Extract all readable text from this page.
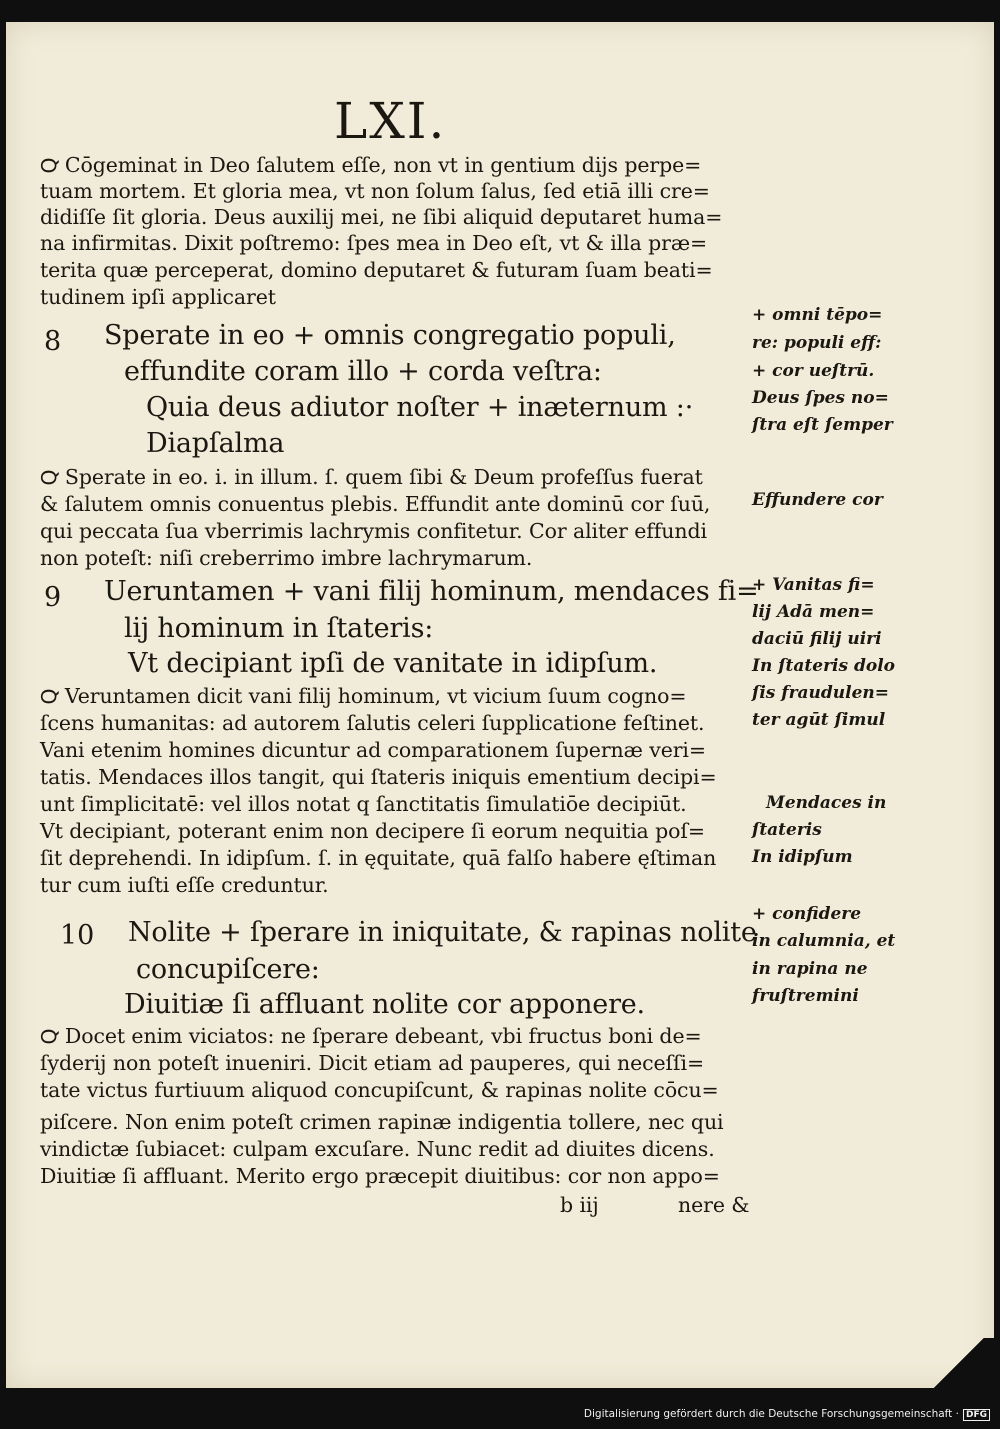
LXI.
℺ Cōgeminat in Deo ſalutem eſſe, non vt in gentium dijs perpe=
tuam mortem. Et gloria mea, vt non ſolum ſalus, ſed etiā illi cre=
didiſſe ſit gloria. Deus auxilij mei, ne ſibi aliquid deputaret huma=
na infirmitas. Dixit poſtremo: ſpes mea in Deo eſt, vt & illa præ=
terita quæ perceperat, domino deputaret & futuram ſuam beati=
tudinem ipſi applicaret
8 Sperate in eo + omnis congregatio populi,
effundite coram illo + corda veſtra:
Quia deus adiutor noſter + inæternum :·
Diapſalma
℺ Sperate in eo. i. in illum. ſ. quem ſibi & Deum profeſſus fuerat
& ſalutem omnis conuentus plebis. Effundit ante dominū cor ſuū,
qui peccata ſua vberrimis lachrymis confitetur. Cor aliter effundi
non poteſt: niſi creberrimo imbre lachrymarum.
9 Ueruntamen + vani filij hominum, mendaces fi=
lij hominum in ſtateris:
Vt decipiant ipſi de vanitate in idipſum.
℺ Veruntamen dicit vani filij hominum, vt vicium ſuum cogno=
ſcens humanitas: ad autorem ſalutis celeri ſupplicatione feſtinet.
Vani etenim homines dicuntur ad comparationem ſupernæ veri=
tatis. Mendaces illos tangit, qui ſtateris iniquis ementium decipi=
unt ſimplicitatē: vel illos notat q ſanctitatis ſimulatiōe decipiūt.
Vt decipiant, poterant enim non decipere ſi eorum nequitia poſ=
ſit deprehendi. In idipſum. ſ. in ęquitate, quā falſo habere ęſtiman
tur cum iuſti eſſe creduntur.
10 Nolite + ſperare in iniquitate, & rapinas nolite
concupiſcere:
Diuitiæ ſi affluant nolite cor apponere.
℺ Docet enim viciatos: ne ſperare debeant, vbi fructus boni de=
ſyderij non poteſt inueniri. Dicit etiam ad pauperes, qui neceſſi=
tate victus furtiuum aliquod concupiſcunt, & rapinas nolite cōcu=
piſcere. Non enim poteſt crimen rapinæ indigentia tollere, nec qui
vindictæ ſubiacet: culpam excuſare. Nunc redit ad diuites dicens.
Diuitiæ ſi affluant. Merito ergo præcepit diuitibus: cor non appo=
b iij	nere &
+ omni tēpo=
re: populi eff:
+ cor ueſtrū.
Deus ſpes no=
ſtra eſt ſemper
Effundere cor
+ Vanitas fi=
lij Adā men=
daciū filij uiri
In ſtateris dolo
ſis fraudulen=
ter agūt ſimul
Mendaces in
ſtateris
In idipſum
+ confidere
in calumnia, et
in rapina ne
fruſtremini
Digitalisierung gefördert durch die Deutsche Forschungsgemeinschaft · DFG
